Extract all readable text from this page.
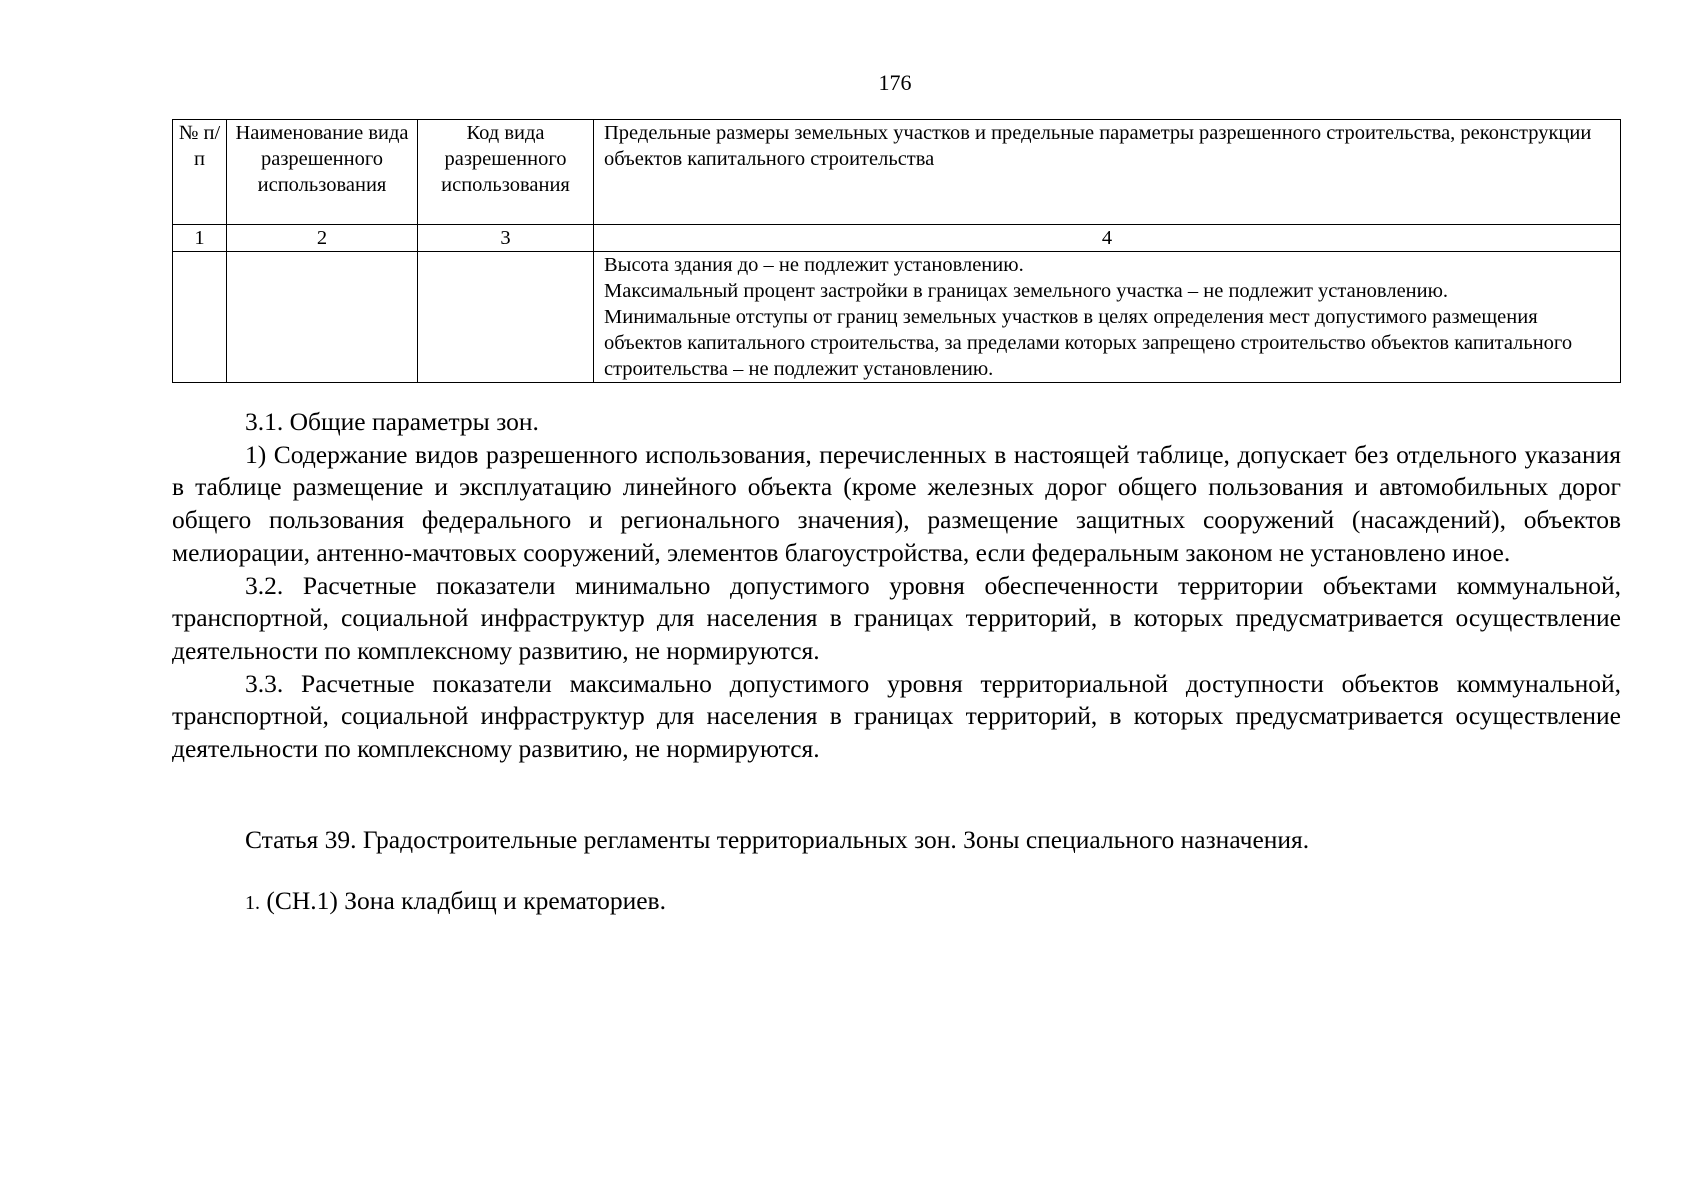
176
№ п/п	Наименование вида разрешенного использования	Код вида разрешенного использования	Предельные размеры земельных участков и предельные параметры разрешенного строительства, реконструкции объектов капитального строительства
1	2	3	4

			Высота здания до – не подлежит установлению.
Максимальный процент застройки в границах земельного участка – не подлежит установлению.
Минимальные отступы от границ земельных участков в целях определения мест допустимого размещения объектов капитального строительства, за пределами которых запрещено строительство объектов капитального строительства – не подлежит установлению.

3.1. Общие параметры зон.

1) Содержание видов разрешенного использования, перечисленных в настоящей таблице, допускает без отдельного указания в таблице размещение и эксплуатацию линейного объекта (кроме железных дорог общего пользования и автомобильных дорог общего пользования федерального и регионального значения), размещение защитных сооружений (насаждений), объектов мелиорации, антенно-мачтовых сооружений, элементов благоустройства, если федеральным законом не установлено иное.

3.2. Расчетные показатели минимально допустимого уровня обеспеченности территории объектами коммунальной, транспортной, социальной инфраструктур для населения в границах территорий, в которых предусматривается осуществление деятельности по комплексному развитию, не нормируются.

3.3. Расчетные показатели максимально допустимого уровня территориальной доступности объектов коммунальной, транспортной, социальной инфраструктур для населения в границах территорий, в которых предусматривается осуществление деятельности по комплексному развитию, не нормируются.

Статья 39. Градостроительные регламенты территориальных зон. Зоны специального назначения.
1. (СН.1) Зона кладбищ и крематориев.
